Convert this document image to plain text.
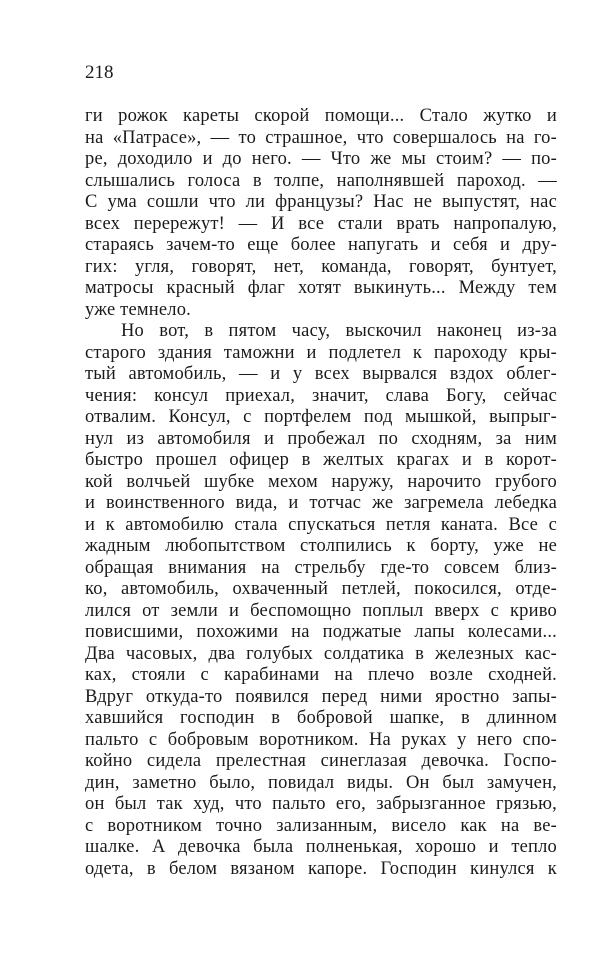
218
ги рожок кареты скорой помощи... Стало жутко и
на «Патрасе», — то страшное, что совершалось на го-
ре, доходило и до него. — Что же мы стоим? — по-
слышались голоса в толпе, наполнявшей пароход. —
С ума сошли что ли французы? Нас не выпустят, нас
всех перережут! — И все стали врать напропалую,
стараясь зачем-то еще более напугать и себя и дру-
гих: угля, говорят, нет, команда, говорят, бунтует,
матросы красный флаг хотят выкинуть... Между тем
уже темнело.
Но вот, в пятом часу, выскочил наконец из-за
старого здания таможни и подлетел к пароходу кры-
тый автомобиль, — и у всех вырвался вздох облег-
чения: консул приехал, значит, слава Богу, сейчас
отвалим. Консул, с портфелем под мышкой, выпрыг-
нул из автомобиля и пробежал по сходням, за ним
быстро прошел офицер в желтых крагах и в корот-
кой волчьей шубке мехом наружу, нарочито грубого
и воинственного вида, и тотчас же загремела лебедка
и к автомобилю стала спускаться петля каната. Все с
жадным любопытством столпились к борту, уже не
обращая внимания на стрельбу где-то совсем близ-
ко, автомобиль, охваченный петлей, покосился, отде-
лился от земли и беспомощно поплыл вверх с криво
повисшими, похожими на поджатые лапы колесами...
Два часовых, два голубых солдатика в железных кас-
ках, стояли с карабинами на плечо возле сходней.
Вдруг откуда-то появился перед ними яростно запы-
хавшийся господин в бобровой шапке, в длинном
пальто с бобровым воротником. На руках у него спо-
койно сидела прелестная синеглазая девочка. Госпо-
дин, заметно было, повидал виды. Он был замучен,
он был так худ, что пальто его, забрызганное грязью,
с воротником точно зализанным, висело как на ве-
шалке. А девочка была полненькая, хорошо и тепло
одета, в белом вязаном капоре. Господин кинулся к
